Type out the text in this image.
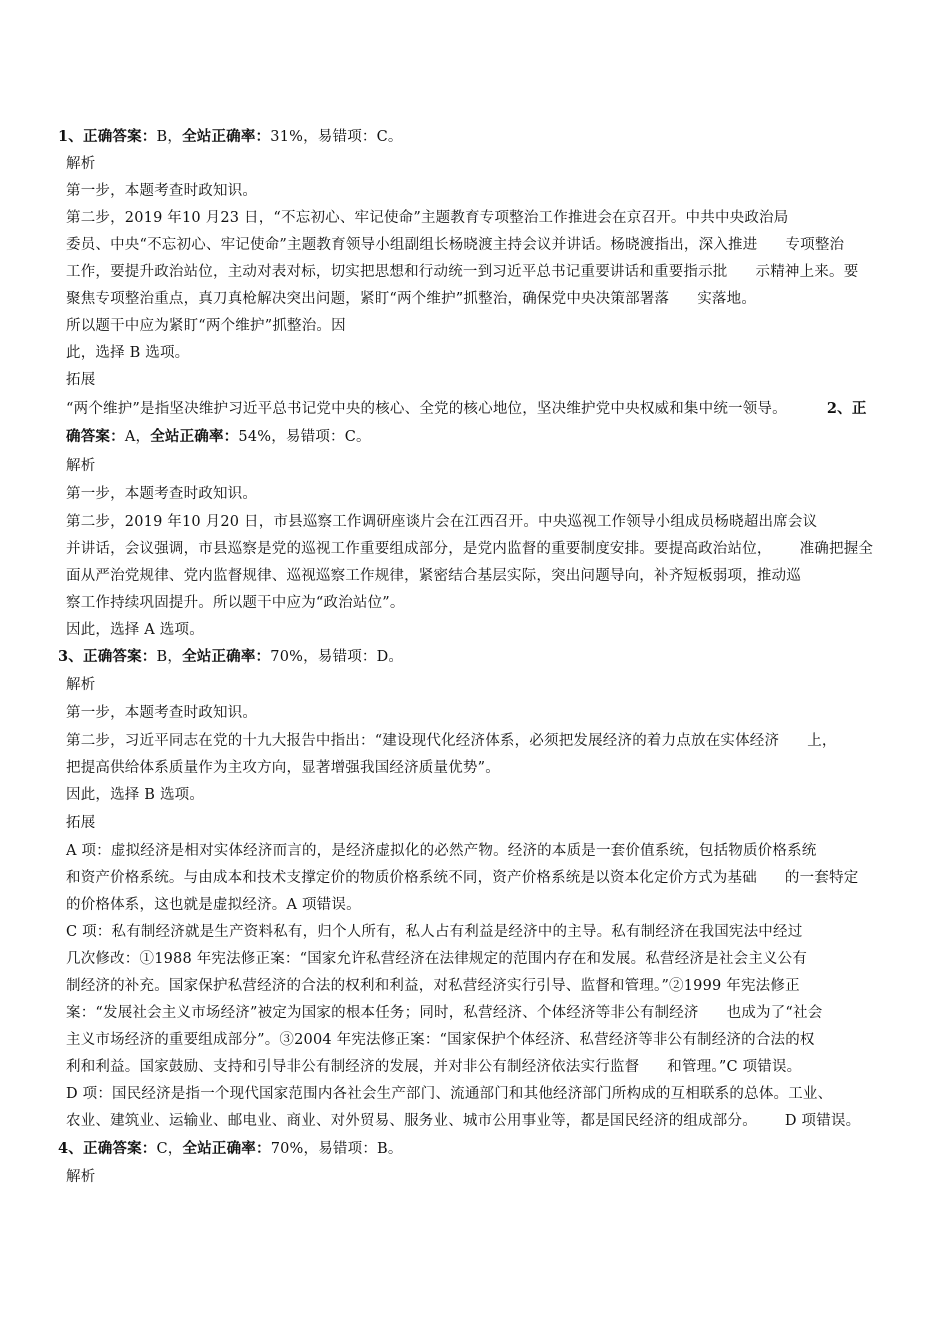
1、正确答案：B，全站正确率：31%，易错项：C。
解析
第一步，本题考查时政知识。
第二步，2019 年10 月23 日，“不忘初心、牢记使命”主题教育专项整治工作推进会在京召开。中共中央政治局
委员、中央“不忘初心、牢记使命”主题教育领导小组副组长杨晓渡主持会议并讲话。杨晓渡指出，深入推进 专项整治
工作，要提升政治站位，主动对表对标，切实把思想和行动统一到习近平总书记重要讲话和重要指示批 示精神上来。要
聚焦专项整治重点，真刀真枪解决突出问题，紧盯“两个维护”抓整治，确保党中央决策部署落 实落地。
所以题干中应为紧盯“两个维护”抓整治。因
此，选择 B 选项。
拓展
“两个维护”是指坚决维护习近平总书记党中央的核心、全党的核心地位，坚决维护党中央权威和集中统一领导。	2、正
确答案：A，全站正确率：54%，易错项：C。
解析
第一步，本题考查时政知识。
第二步，2019 年10 月20 日，市县巡察工作调研座谈片会在江西召开。中央巡视工作领导小组成员杨晓超出席会议
并讲话，会议强调，市县巡察是党的巡视工作重要组成部分，是党内监督的重要制度安排。要提高政治站位， 准确把握全
面从严治党规律、党内监督规律、巡视巡察工作规律，紧密结合基层实际，突出问题导向，补齐短板弱项，推动巡
察工作持续巩固提升。所以题干中应为“政治站位”。
因此，选择 A 选项。
3、正确答案：B，全站正确率：70%，易错项：D。
解析
第一步，本题考查时政知识。
第二步，习近平同志在党的十九大报告中指出：“建设现代化经济体系，必须把发展经济的着力点放在实体经济 上，
把提高供给体系质量作为主攻方向，显著增强我国经济质量优势”。
因此，选择 B 选项。
拓展
A 项：虚拟经济是相对实体经济而言的，是经济虚拟化的必然产物。经济的本质是一套价值系统，包括物质价格系统
和资产价格系统。与由成本和技术支撑定价的物质价格系统不同，资产价格系统是以资本化定价方式为基础 的一套特定
的价格体系，这也就是虚拟经济。A 项错误。
C 项：私有制经济就是生产资料私有，归个人所有，私人占有利益是经济中的主导。私有制经济在我国宪法中经过
几次修改：①1988 年宪法修正案：“国家允许私营经济在法律规定的范围内存在和发展。私营经济是社会主义公有
制经济的补充。国家保护私营经济的合法的权利和利益，对私营经济实行引导、监督和管理。”②1999 年宪法修正
案：“发展社会主义市场经济”被定为国家的根本任务；同时，私营经济、个体经济等非公有制经济 也成为了“社会
主义市场经济的重要组成部分”。③2004 年宪法修正案：“国家保护个体经济、私营经济等非公有制经济的合法的权
利和利益。国家鼓励、支持和引导非公有制经济的发展，并对非公有制经济依法实行监督 和管理。”C 项错误。
D 项：国民经济是指一个现代国家范围内各社会生产部门、流通部门和其他经济部门所构成的互相联系的总体。工业、
农业、建筑业、运输业、邮电业、商业、对外贸易、服务业、城市公用事业等，都是国民经济的组成部分。 D 项错误。
4、正确答案：C，全站正确率：70%，易错项：B。
解析
